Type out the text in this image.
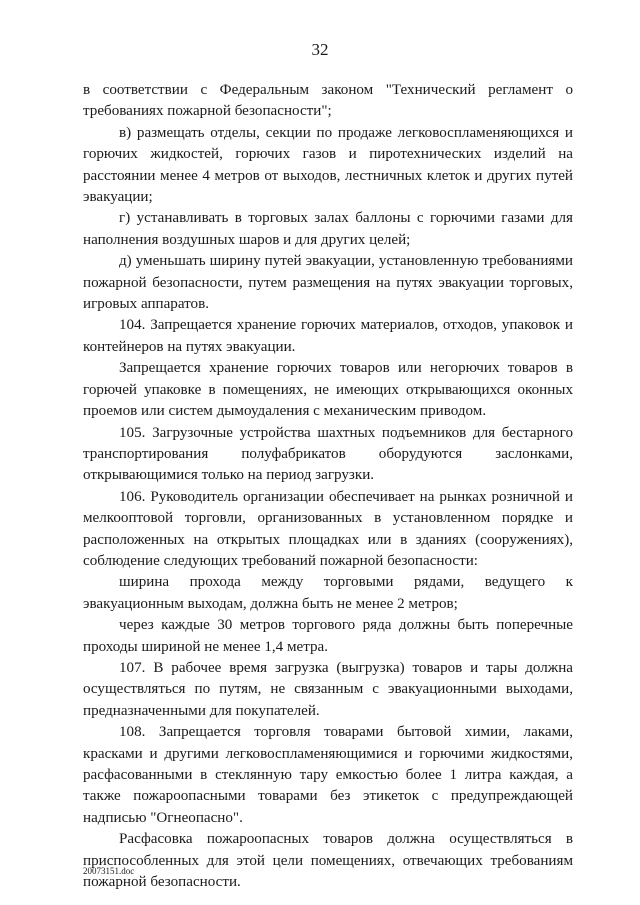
32

в соответствии с Федеральным законом "Технический регламент о требованиях пожарной безопасности";

в) размещать отделы, секции по продаже легковоспламеняющихся и горючих жидкостей, горючих газов и пиротехнических изделий на расстоянии менее 4 метров от выходов, лестничных клеток и других путей эвакуации;

г) устанавливать в торговых залах баллоны с горючими газами для наполнения воздушных шаров и для других целей;

д) уменьшать ширину путей эвакуации, установленную требованиями пожарной безопасности, путем размещения на путях эвакуации торговых, игровых аппаратов.

104. Запрещается хранение горючих материалов, отходов, упаковок и контейнеров на путях эвакуации.

Запрещается хранение горючих товаров или негорючих товаров в горючей упаковке в помещениях, не имеющих открывающихся оконных проемов или систем дымоудаления с механическим приводом.

105. Загрузочные устройства шахтных подъемников для бестарного транспортирования полуфабрикатов оборудуются заслонками, открывающимися только на период загрузки.

106. Руководитель организации обеспечивает на рынках розничной и мелкооптовой торговли, организованных в установленном порядке и расположенных на открытых площадках или в зданиях (сооружениях), соблюдение следующих требований пожарной безопасности:

ширина прохода между торговыми рядами, ведущего к эвакуационным выходам, должна быть не менее 2 метров;

через каждые 30 метров торгового ряда должны быть поперечные проходы шириной не менее 1,4 метра.

107. В рабочее время загрузка (выгрузка) товаров и тары должна осуществляться по путям, не связанным с эвакуационными выходами, предназначенными для покупателей.

108. Запрещается торговля товарами бытовой химии, лаками, красками и другими легковоспламеняющимися и горючими жидкостями, расфасованными в стеклянную тару емкостью более 1 литра каждая, а также пожароопасными товарами без этикеток с предупреждающей надписью "Огнеопасно".

Расфасовка пожароопасных товаров должна осуществляться в приспособленных для этой цели помещениях, отвечающих требованиям пожарной безопасности.

20073151.doc
